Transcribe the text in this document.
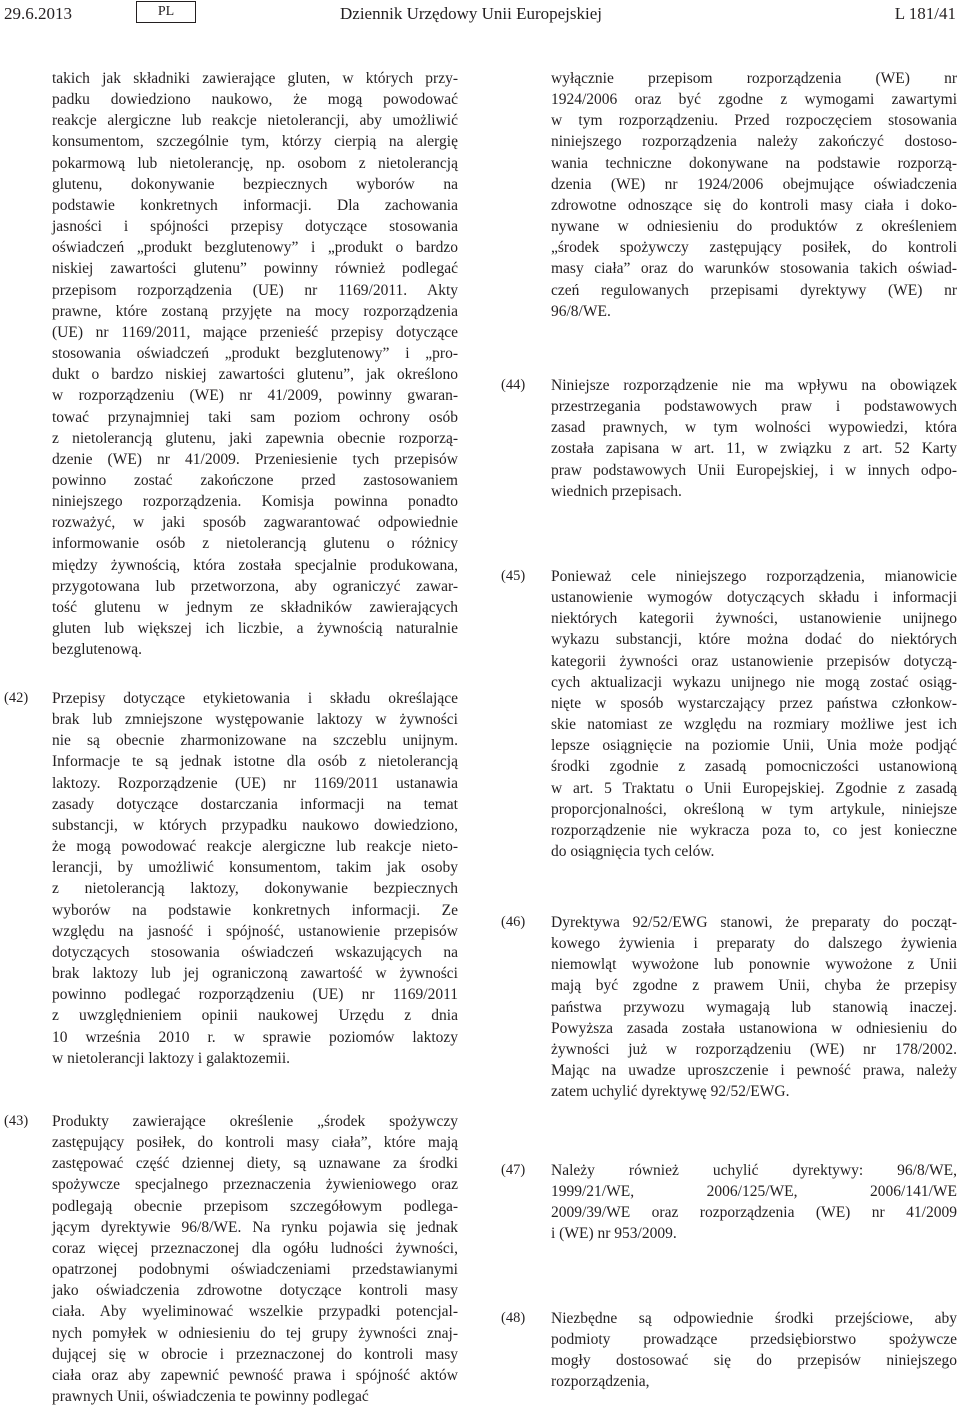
29.6.2013	PL	Dziennik Urzędowy Unii Europejskiej	L 181/41
takich jak składniki zawierające gluten, w których przy-
padku dowiedziono naukowo, że mogą powodować
reakcje alergiczne lub reakcje nietolerancji, aby umożliwić
konsumentom, szczególnie tym, którzy cierpią na alergię
pokarmową lub nietolerancję, np. osobom z nietolerancją
glutenu, dokonywanie bezpiecznych wyborów na
podstawie konkretnych informacji. Dla zachowania
jasności i spójności przepisy dotyczące stosowania
oświadczeń „produkt bezglutenowy” i „produkt o bardzo
niskiej zawartości glutenu” powinny również podlegać
przepisom rozporządzenia (UE) nr 1169/2011. Akty
prawne, które zostaną przyjęte na mocy rozporządzenia
(UE) nr 1169/2011, mające przenieść przepisy dotyczące
stosowania oświadczeń „produkt bezglutenowy” i „pro-
dukt o bardzo niskiej zawartości glutenu”, jak określono
w rozporządzeniu (WE) nr 41/2009, powinny gwaran-
tować przynajmniej taki sam poziom ochrony osób
z nietolerancją glutenu, jaki zapewnia obecnie rozporzą-
dzenie (WE) nr 41/2009. Przeniesienie tych przepisów
powinno zostać zakończone przed zastosowaniem
niniejszego rozporządzenia. Komisja powinna ponadto
rozważyć, w jaki sposób zagwarantować odpowiednie
informowanie osób z nietolerancją glutenu o różnicy
między żywnością, która została specjalnie produkowana,
przygotowana lub przetworzona, aby ograniczyć zawar-
tość glutenu w jednym ze składników zawierających
gluten lub większej ich liczbie, a żywnością naturalnie
bezglutenową.
(42) Przepisy dotyczące etykietowania i składu określające
brak lub zmniejszone występowanie laktozy w żywności
nie są obecnie zharmonizowane na szczeblu unijnym.
Informacje te są jednak istotne dla osób z nietolerancją
laktozy. Rozporządzenie (UE) nr 1169/2011 ustanawia
zasady dotyczące dostarczania informacji na temat
substancji, w których przypadku naukowo dowiedziono,
że mogą powodować reakcje alergiczne lub reakcje nieto-
lerancji, by umożliwić konsumentom, takim jak osoby
z nietolerancją laktozy, dokonywanie bezpiecznych
wyborów na podstawie konkretnych informacji. Ze
względu na jasność i spójność, ustanowienie przepisów
dotyczących stosowania oświadczeń wskazujących na
brak laktozy lub jej ograniczoną zawartość w żywności
powinno podlegać rozporządzeniu (UE) nr 1169/2011
z uwzględnieniem opinii naukowej Urzędu z dnia
10 września 2010 r. w sprawie poziomów laktozy
w nietolerancji laktozy i galaktozemii.
(43) Produkty zawierające określenie „środek spożywczy
zastępujący posiłek, do kontroli masy ciała”, które mają
zastępować część dziennej diety, są uznawane za środki
spożywcze specjalnego przeznaczenia żywieniowego oraz
podlegają obecnie przepisom szczegółowym podlega-
jącym dyrektywie 96/8/WE. Na rynku pojawia się jednak
coraz więcej przeznaczonej dla ogółu ludności żywności,
opatrzonej podobnymi oświadczeniami przedstawianymi
jako oświadczenia zdrowotne dotyczące kontroli masy
ciała. Aby wyeliminować wszelkie przypadki potencjal-
nych pomyłek w odniesieniu do tej grupy żywności znaj-
dującej się w obrocie i przeznaczonej do kontroli masy
ciała oraz aby zapewnić pewność prawa i spójność aktów
prawnych Unii, oświadczenia te powinny podlegać
wyłącznie przepisom rozporządzenia (WE) nr
1924/2006 oraz być zgodne z wymogami zawartymi
w tym rozporządzeniu. Przed rozpoczęciem stosowania
niniejszego rozporządzenia należy zakończyć dostoso-
wania techniczne dokonywane na podstawie rozporzą-
dzenia (WE) nr 1924/2006 obejmujące oświadczenia
zdrowotne odnoszące się do kontroli masy ciała i doko-
nywane w odniesieniu do produktów z określeniem
„środek spożywczy zastępujący posiłek, do kontroli
masy ciała” oraz do warunków stosowania takich oświad-
czeń regulowanych przepisami dyrektywy (WE) nr
96/8/WE.
(44) Niniejsze rozporządzenie nie ma wpływu na obowiązek
przestrzegania podstawowych praw i podstawowych
zasad prawnych, w tym wolności wypowiedzi, która
została zapisana w art. 11, w związku z art. 52 Karty
praw podstawowych Unii Europejskiej, i w innych odpo-
wiednich przepisach.
(45) Ponieważ cele niniejszego rozporządzenia, mianowicie
ustanowienie wymogów dotyczących składu i informacji
niektórych kategorii żywności, ustanowienie unijnego
wykazu substancji, które można dodać do niektórych
kategorii żywności oraz ustanowienie przepisów dotyczą-
cych aktualizacji wykazu unijnego nie mogą zostać osiąg-
nięte w sposób wystarczający przez państwa członkow-
skie natomiast ze względu na rozmiary możliwe jest ich
lepsze osiągnięcie na poziomie Unii, Unia może podjąć
środki zgodnie z zasadą pomocniczości ustanowioną
w art. 5 Traktatu o Unii Europejskiej. Zgodnie z zasadą
proporcjonalności, określoną w tym artykule, niniejsze
rozporządzenie nie wykracza poza to, co jest konieczne
do osiągnięcia tych celów.
(46) Dyrektywa 92/52/EWG stanowi, że preparaty do począt-
kowego żywienia i preparaty do dalszego żywienia
niemowląt wywożone lub ponownie wywożone z Unii
mają być zgodne z prawem Unii, chyba że przepisy
państwa przywozu wymagają lub stanowią inaczej.
Powyższa zasada została ustanowiona w odniesieniu do
żywności już w rozporządzeniu (WE) nr 178/2002.
Mając na uwadze uproszczenie i pewność prawa, należy
zatem uchylić dyrektywę 92/52/EWG.
(47) Należy również uchylić dyrektywy: 96/8/WE,
1999/21/WE, 2006/125/WE, 2006/141/WE
2009/39/WE oraz rozporządzenia (WE) nr 41/2009
i (WE) nr 953/2009.
(48) Niezbędne są odpowiednie środki przejściowe, aby
podmioty prowadzące przedsiębiorstwo spożywcze
mogły dostosować się do przepisów niniejszego
rozporządzenia,
